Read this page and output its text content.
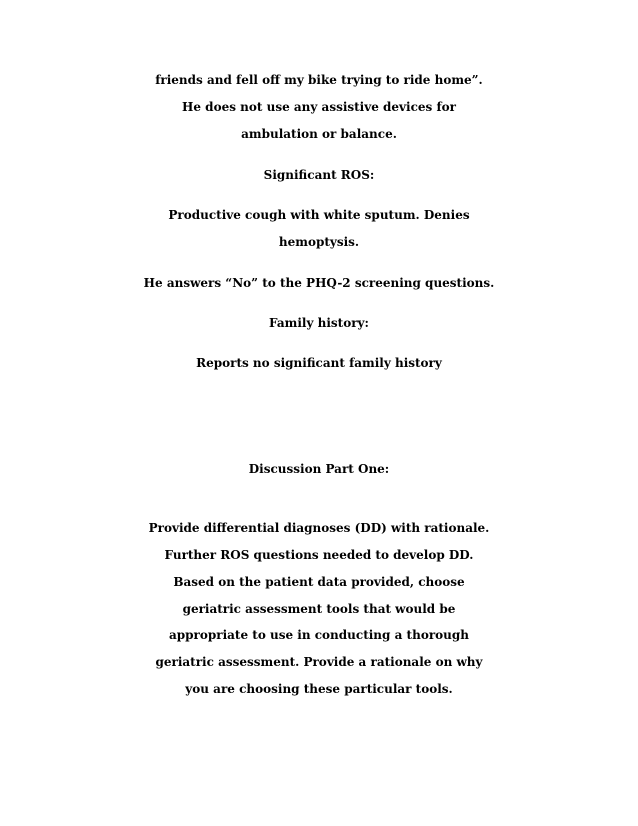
friends and fell off my bike trying to ride home”.
He does not use any assistive devices for
ambulation or balance.
Significant ROS:
Productive cough with white sputum. Denies
hemoptysis.
He answers “No” to the PHQ-2 screening questions.
Family history:
Reports no significant family history
Discussion Part One:
Provide differential diagnoses (DD) with rationale.
Further ROS questions needed to develop DD.
Based on the patient data provided, choose
geriatric assessment tools that would be
appropriate to use in conducting a thorough
geriatric assessment. Provide a rationale on why
you are choosing these particular tools.
